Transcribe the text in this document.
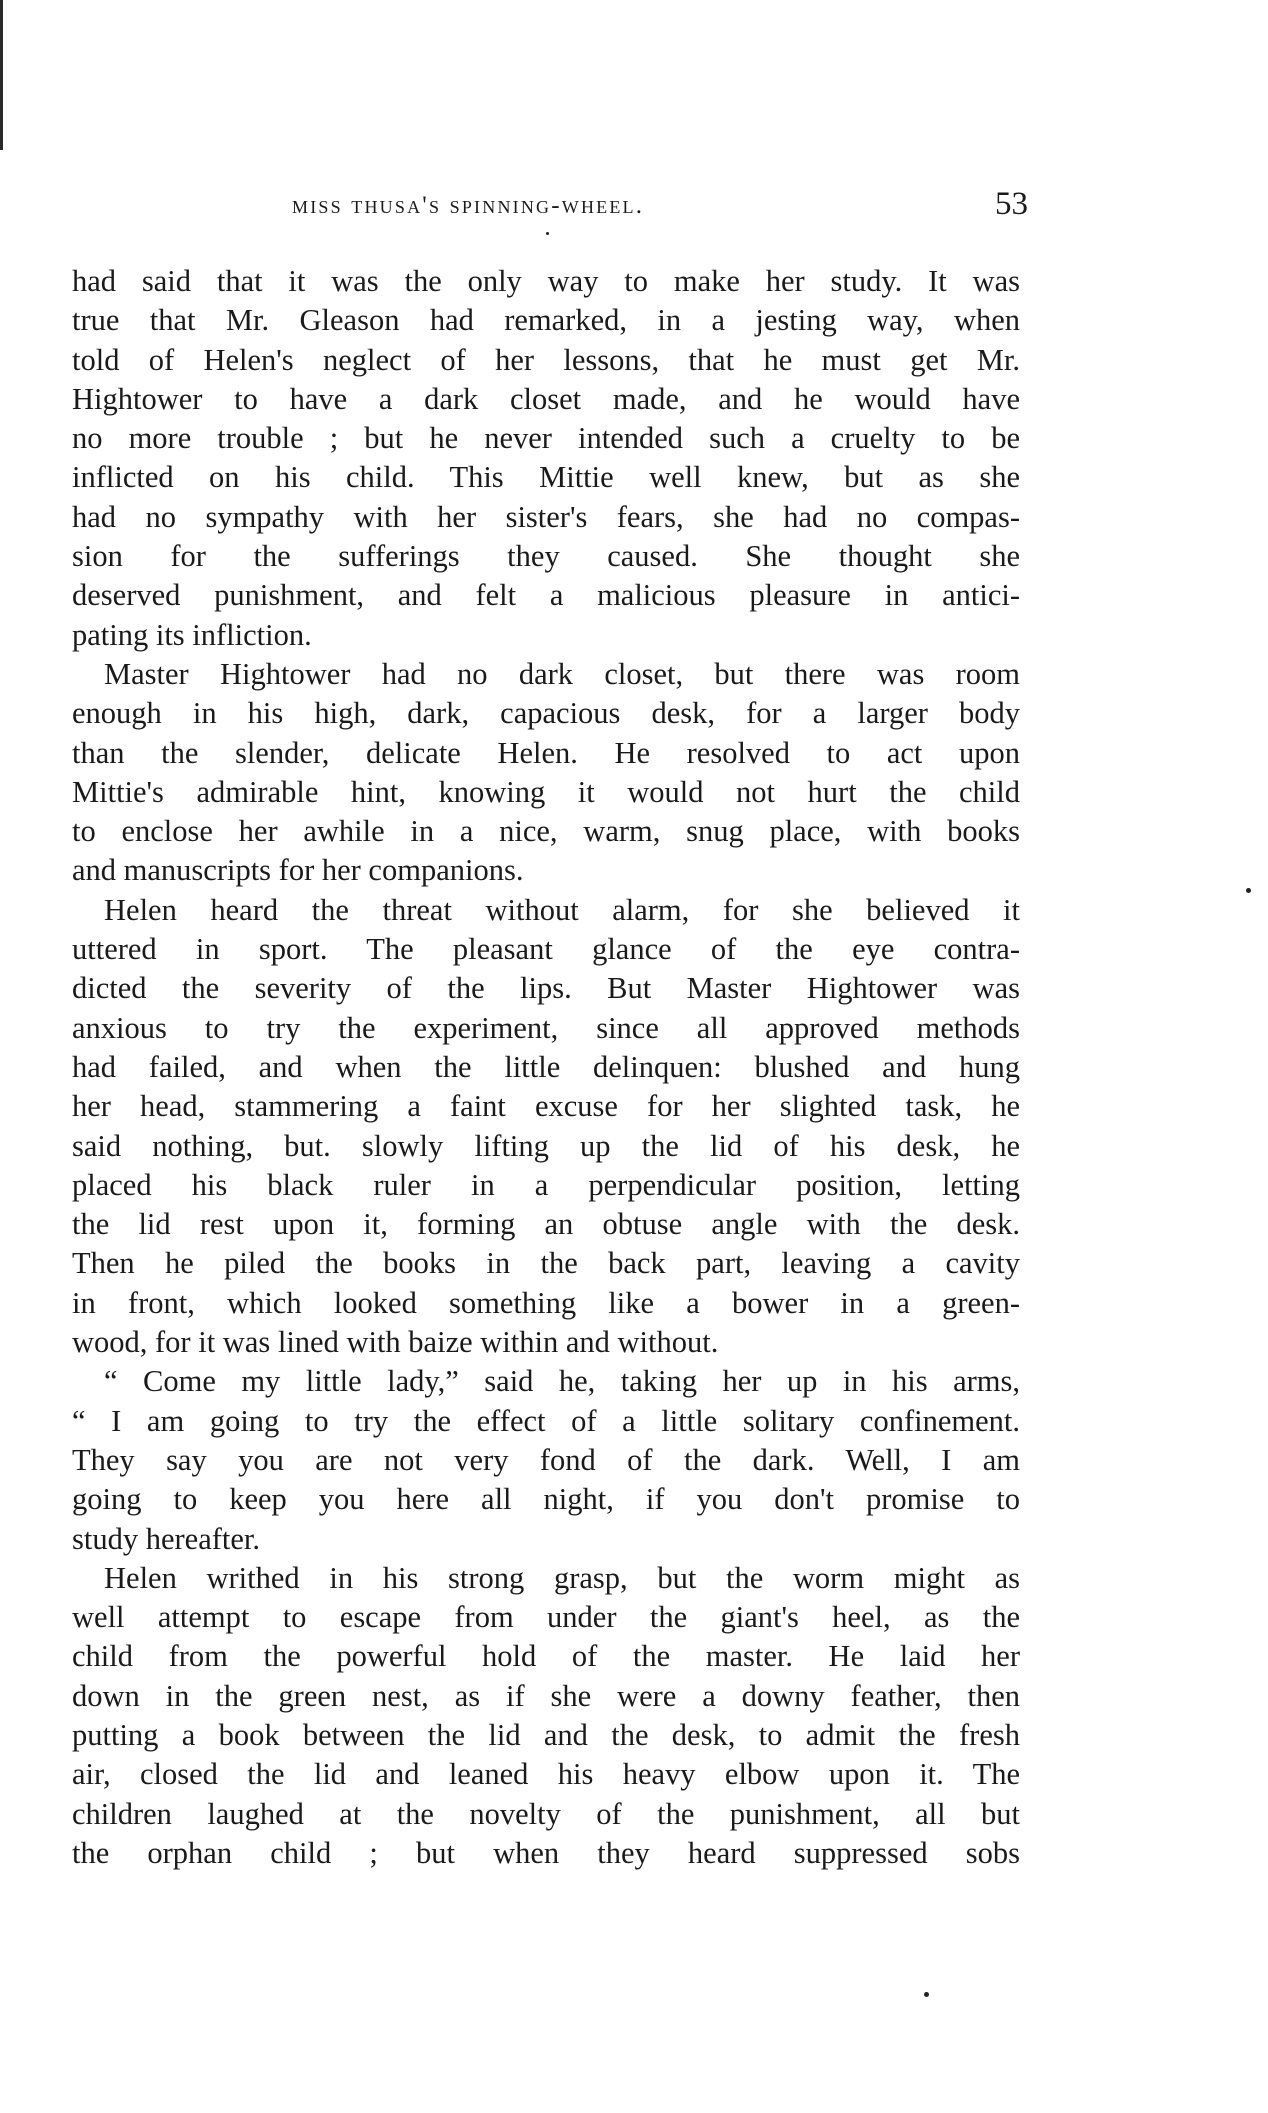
miss thusa's spinning-wheel.	53
had said that it was the only way to make her study. It was
true that Mr. Gleason had remarked, in a jesting way, when
told of Helen's neglect of her lessons, that he must get Mr.
Hightower to have a dark closet made, and he would have
no more trouble ; but he never intended such a cruelty to be
inflicted on his child. This Mittie well knew, but as she
had no sympathy with her sister's fears, she had no compas-
sion for the sufferings they caused. She thought she
deserved punishment, and felt a malicious pleasure in antici-
pating its infliction.
Master Hightower had no dark closet, but there was room
enough in his high, dark, capacious desk, for a larger body
than the slender, delicate Helen. He resolved to act upon
Mittie's admirable hint, knowing it would not hurt the child
to enclose her awhile in a nice, warm, snug place, with books
and manuscripts for her companions.
Helen heard the threat without alarm, for she believed it
uttered in sport. The pleasant glance of the eye contra-
dicted the severity of the lips. But Master Hightower was
anxious to try the experiment, since all approved methods
had failed, and when the little delinquen: blushed and hung
her head, stammering a faint excuse for her slighted task, he
said nothing, but. slowly lifting up the lid of his desk, he
placed his black ruler in a perpendicular position, letting
the lid rest upon it, forming an obtuse angle with the desk.
Then he piled the books in the back part, leaving a cavity
in front, which looked something like a bower in a green-
wood, for it was lined with baize within and without.
“ Come my little lady,” said he, taking her up in his arms,
“ I am going to try the effect of a little solitary confinement.
They say you are not very fond of the dark. Well, I am
going to keep you here all night, if you don't promise to
study hereafter.
Helen writhed in his strong grasp, but the worm might as
well attempt to escape from under the giant's heel, as the
child from the powerful hold of the master. He laid her
down in the green nest, as if she were a downy feather, then
putting a book between the lid and the desk, to admit the fresh
air, closed the lid and leaned his heavy elbow upon it. The
children laughed at the novelty of the punishment, all but
the orphan child ; but when they heard suppressed sobs
